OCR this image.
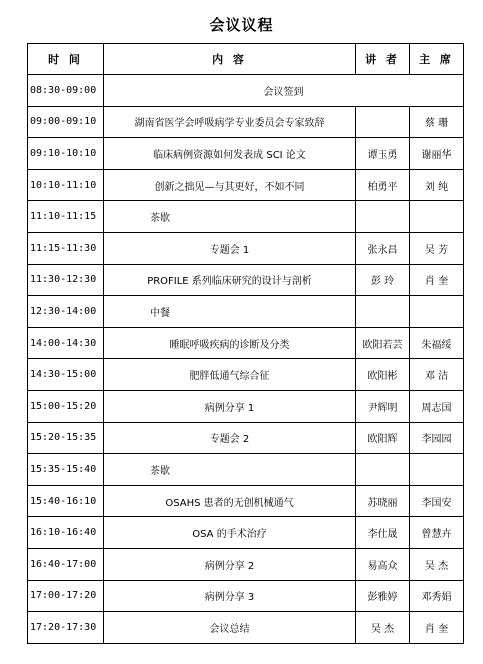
会议议程
时 间	内 容	讲 者	主 席
08:30-09:00	会议签到		
09:00-09:10	湖南省医学会呼吸病学专业委员会专家致辞		蔡 珊
09:10-10:10	临床病例资源如何发表成 SCI 论文	谭玉勇	谢丽华
10:10-11:10	创新之拙见—与其更好，不如不同	柏勇平	刘 纯
11:10-11:15	茶歇		
11:15-11:30	专题会 1	张永昌	吴 芳
11:30-12:30	PROFILE 系列临床研究的设计与剖析	彭 玲	肖 奎
12:30-14:00	中餐		
14:00-14:30	睡眠呼吸疾病的诊断及分类	欧阳若芸	朱福绥
14:30-15:00	肥胖低通气综合征	欧阳彬	邓 洁
15:00-15:20	病例分享 1	尹辉明	周志国
15:20-15:35	专题会 2	欧阳辉	李园园
15:35-15:40	茶歇		
15:40-16:10	OSAHS 患者的无创机械通气	苏晓丽	李国安
16:10-16:40	OSA 的手术治疗	李仕晟	曾慧卉
16:40-17:00	病例分享 2	易高众	吴 杰
17:00-17:20	病例分享 3	彭雅婷	邓秀娟
17:20-17:30	会议总结	吴 杰	肖 奎
